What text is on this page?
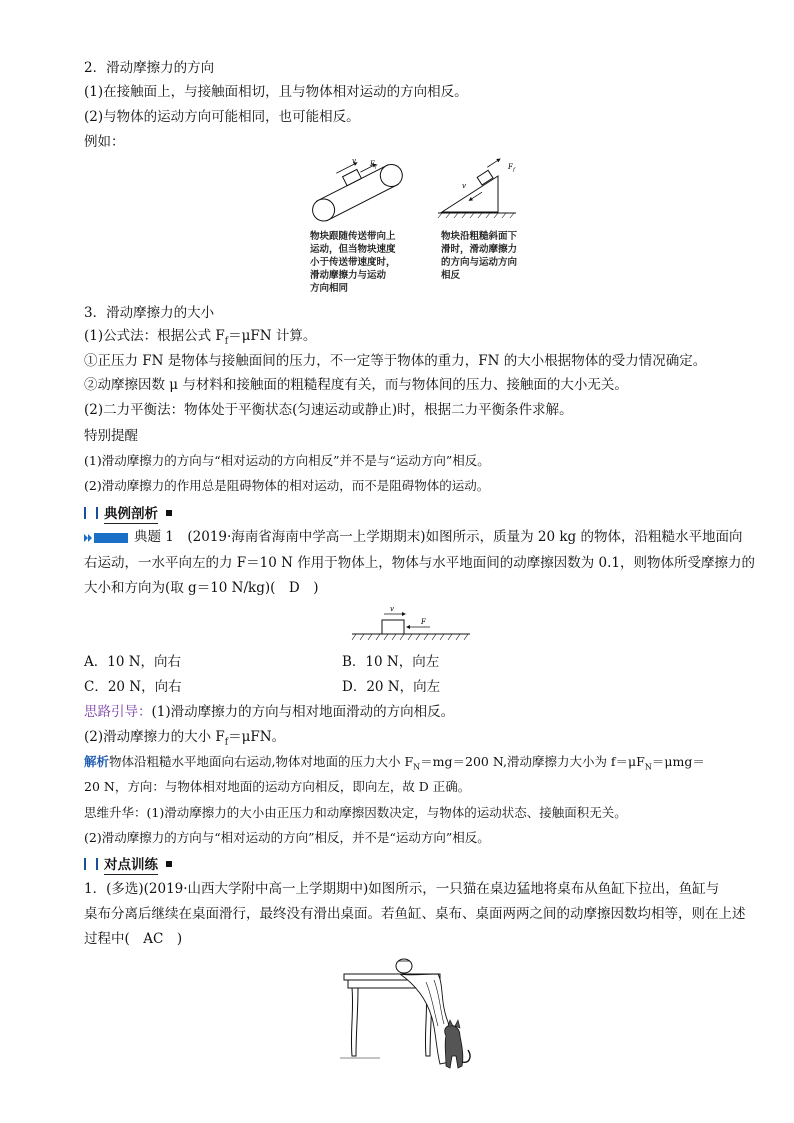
2．滑动摩擦力的方向
(1)在接触面上，与接触面相切，且与物体相对运动的方向相反。
(2)与物体的运动方向可能相同，也可能相反。
例如：
v F f
物块跟随传送带向上
运动，但当物块速度
小于传送带速度时，
滑动摩擦力与运动
方向相同
v
F f
物块沿粗糙斜面下
滑时，滑动摩擦力
的方向与运动方向
相反
3．滑动摩擦力的大小
(1)公式法：根据公式 $F_f=\mu FN$ 计算。
①正压力 FN 是物体与接触面间的压力，不一定等于物体的重力，FN 的大小根据物体的受力情况确定。
②动摩擦因数 μ 与材料和接触面的粗糙程度有关，而与物体间的压力、接触面的大小无关。
(2)二力平衡法：物体处于平衡状态(匀速运动或静止)时，根据二力平衡条件求解。
特别提醒
(1)滑动摩擦力的方向与“相对运动的方向相反”并不是与“运动方向”相反。
(2)滑动摩擦力的作用总是阻碍物体的相对运动，而不是阻碍物体的运动。
典例剖析
典题 1　 (2019·海南省海南中学高一上学期期末)如图所示，质量为 20 kg 的物体，沿粗糙水平地面向
右运动，一水平向左的力 F＝10 N 作用于物体上，物体与水平地面间的动摩擦因数为 0.1，则物体所受摩擦力的
大小和方向为(取 g＝10 N/kg)(　D　)
v
F
A．10 N，向右	B．10 N，向左
C．20 N，向右	D．20 N，向左
思路引导：(1)滑动摩擦力的方向与相对地面滑动的方向相反。
(2)滑动摩擦力的大小 $F_f=\mu FN$。
解析物体沿粗糙水平地面向右运动,物体对地面的压力大小 $F_N=mg=200$ N,滑动摩擦力大小为 $f=\mu F_N=\mu mg=$
20 N，方向：与物体相对地面的运动方向相反，即向左，故 D 正确。
思维升华：(1)滑动摩擦力的大小由正压力和动摩擦因数决定，与物体的运动状态、接触面积无关。
(2)滑动摩擦力的方向与“相对运动的方向”相反，并不是“运动方向”相反。
对点训练
1．(多选)(2019·山西大学附中高一上学期期中)如图所示，一只猫在桌边猛地将桌布从鱼缸下拉出，鱼缸与
桌布分离后继续在桌面滑行，最终没有滑出桌面。若鱼缸、桌布、桌面两两之间的动摩擦因数均相等，则在上述
过程中(　AC　)
